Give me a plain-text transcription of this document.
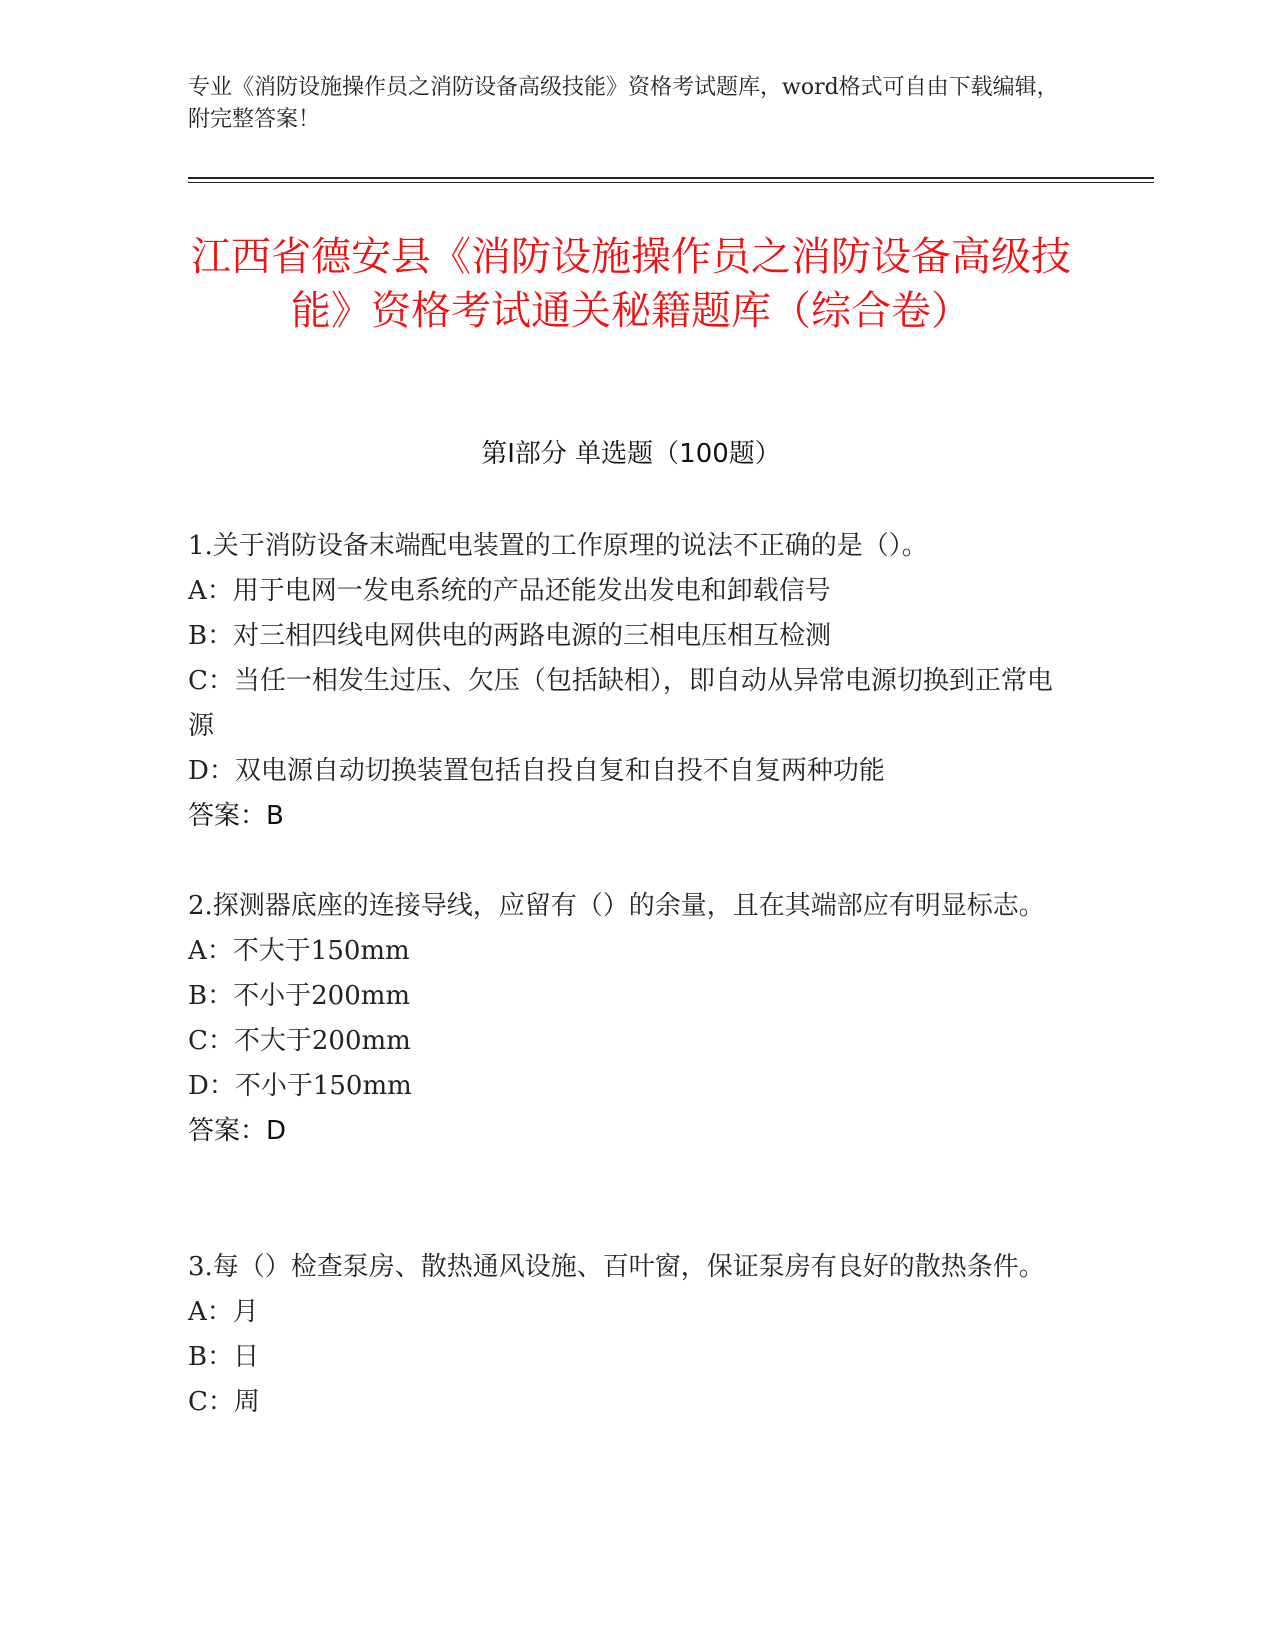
专业《消防设施操作员之消防设备高级技能》资格考试题库，word格式可自由下载编辑，附完整答案！
江西省德安县《消防设施操作员之消防设备高级技能》资格考试通关秘籍题库（综合卷）
第I部分 单选题（100题）

1.关于消防设备末端配电装置的工作原理的说法不正确的是（）。

A：用于电网一发电系统的产品还能发出发电和卸载信号

B：对三相四线电网供电的两路电源的三相电压相互检测

C：当任一相发生过压、欠压（包括缺相），即自动从异常电源切换到正常电源

D：双电源自动切换装置包括自投自复和自投不自复两种功能

答案：B

2.探测器底座的连接导线，应留有（）的余量，且在其端部应有明显标志。

A：不大于150mm

B：不小于200mm

C：不大于200mm

D：不小于150mm

答案：D

3.每（）检查泵房、散热通风设施、百叶窗，保证泵房有良好的散热条件。

A：月

B：日

C：周
